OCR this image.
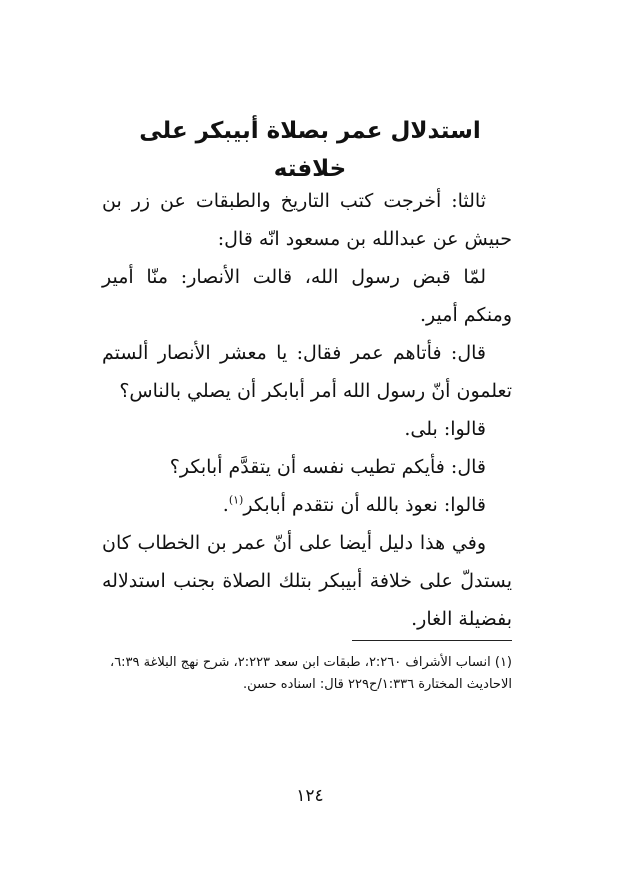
استدلال عمر بصلاة أبيبكر على
خلافته

ثالثا: أخرجت كتب التاريخ والطبقات عن زر بن حبيش عن عبدالله بن مسعود انّه قال:

لمّا قبض رسول الله، قالت الأنصار: منّا أمير ومنكم أمير.

قال: فأتاهم عمر فقال: يا معشر الأنصار ألستم تعلمون أنّ رسول الله أمر أبابكر أن يصلي بالناس؟

قالوا: بلى.

قال: فأيكم تطيب نفسه أن يتقدَّم أبابكر؟

قالوا: نعوذ بالله أن نتقدم أبابكر$^{(١)}$.

وفي هذا دليل أيضا على أنّ عمر بن الخطاب كان يستدلّ على خلافة أبيبكر بتلك الصلاة بجنب استدلاله بفضيلة الغار.

(١) انساب الأشراف ٢:٢٦٠، طبقات ابن سعد ٢:٢٢٣، شرح نهج البلاغة ٦:٣٩،
الاحاديث المختارة ١:٣٣٦/ح٢٢٩ قال: اسناده حسن.
١٢٤
